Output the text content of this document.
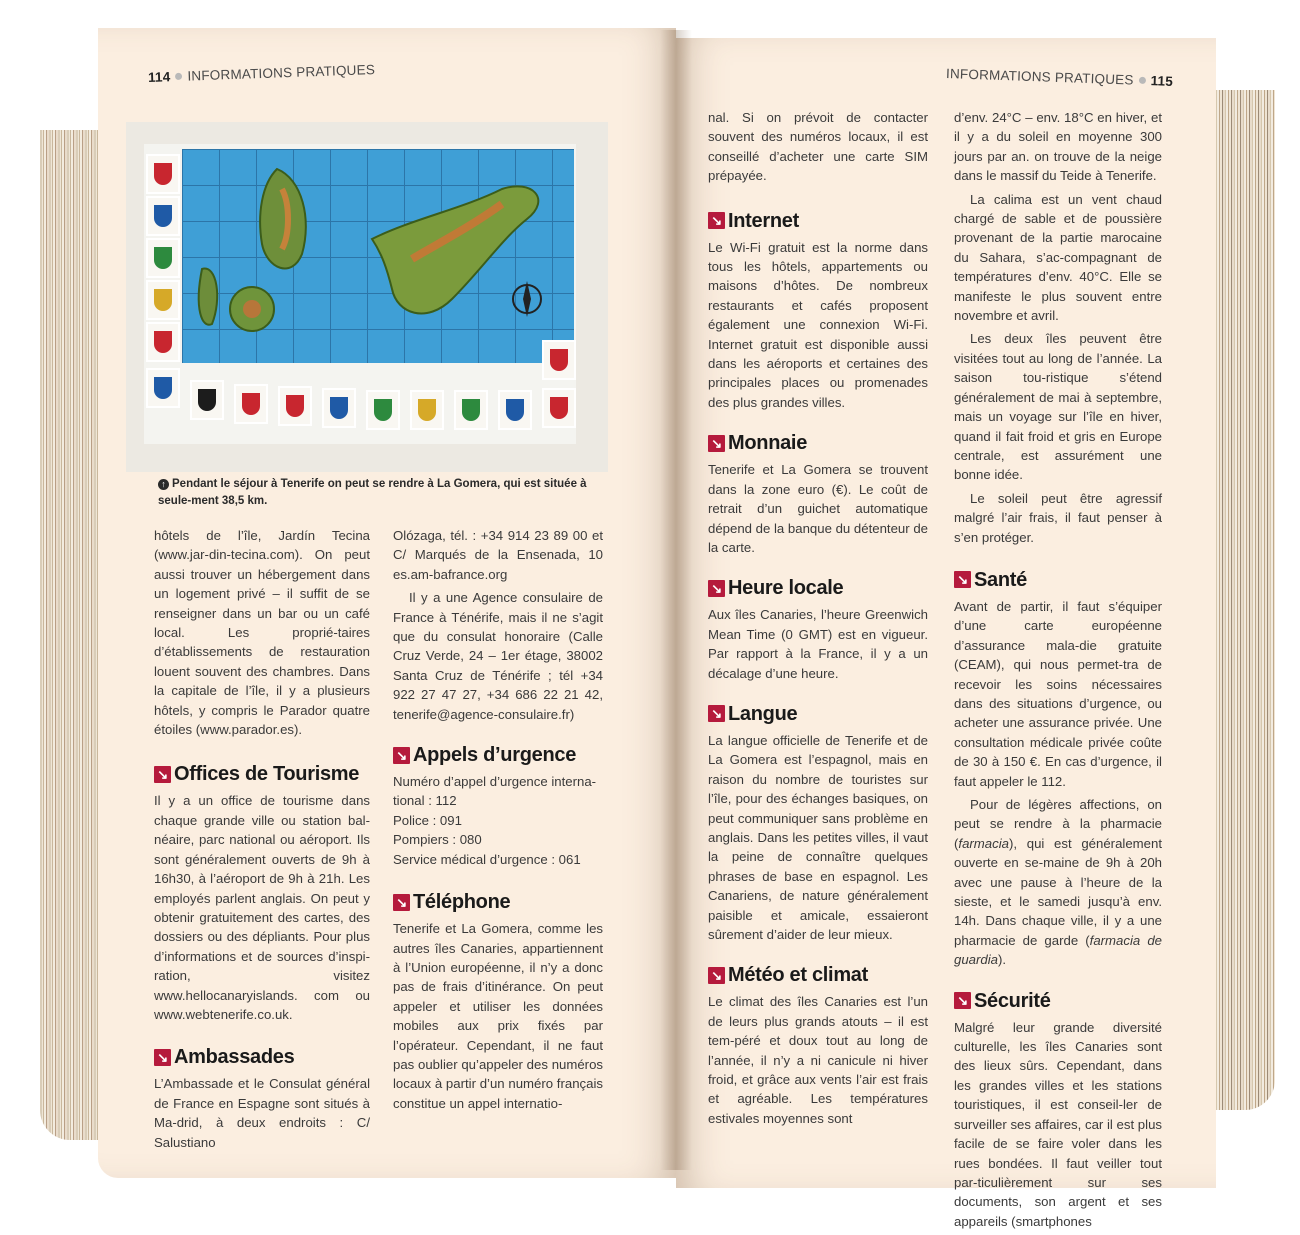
114 INFORMATIONS PRATIQUES
↑ Pendant le séjour à Tenerife on peut se rendre à La Gomera, qui est située à seule-ment 38,5 km.

hôtels de l’île, Jardín Tecina (www.jar-din-tecina.com). On peut aussi trouver un hébergement dans un logement privé – il suffit de se renseigner dans un bar ou un café local. Les proprié-taires d’établissements de restauration louent souvent des chambres. Dans la capitale de l’île, il y a plusieurs hôtels, y compris le Parador quatre étoiles (www.parador.es).

↘ Offices de Tourisme

Il y a un office de tourisme dans chaque grande ville ou station bal-néaire, parc national ou aéroport. Ils sont généralement ouverts de 9h à 16h30, à l’aéroport de 9h à 21h. Les employés parlent anglais. On peut y obtenir gratuitement des cartes, des dossiers ou des dépliants. Pour plus d’informations et de sources d’inspi-ration, visitez www.hellocanaryislands. com ou www.webtenerife.co.uk.

↘ Ambassades

L’Ambassade et le Consulat général de France en Espagne sont situés à Ma-drid, à deux endroits : C/ Salustiano

Olózaga, tél. : +34 914 23 89 00 et C/ Marqués de la Ensenada, 10 es.am-bafrance.org

Il y a une Agence consulaire de France à Ténérife, mais il ne s’agit que du consulat honoraire (Calle Cruz Verde, 24 – 1er étage, 38002 Santa Cruz de Ténérife ; tél +34 922 27 47 27, +34 686 22 21 42, tenerife@agence-consulaire.fr)

↘ Appels d’urgence
Numéro d’appel d’urgence interna-
tional : 112
Police : 091
Pompiers : 080
Service médical d’urgence : 061
↘ Téléphone

Tenerife et La Gomera, comme les autres îles Canaries, appartiennent à l’Union européenne, il n’y a donc pas de frais d’itinérance. On peut appeler et utiliser les données mobiles aux prix fixés par l’opérateur. Cependant, il ne faut pas oublier qu’appeler des numéros locaux à partir d’un numéro français constitue un appel internatio-

INFORMATIONS PRATIQUES 115

nal. Si on prévoit de contacter souvent des numéros locaux, il est conseillé d’acheter une carte SIM prépayée.

↘ Internet

Le Wi-Fi gratuit est la norme dans tous les hôtels, appartements ou maisons d’hôtes. De nombreux restaurants et cafés proposent également une connexion Wi-Fi. Internet gratuit est disponible aussi dans les aéroports et certaines des principales places ou promenades des plus grandes villes.

↘ Monnaie

Tenerife et La Gomera se trouvent dans la zone euro (€). Le coût de retrait d’un guichet automatique dépend de la banque du détenteur de la carte.

↘ Heure locale

Aux îles Canaries, l’heure Greenwich Mean Time (0 GMT) est en vigueur. Par rapport à la France, il y a un décalage d’une heure.

↘ Langue

La langue officielle de Tenerife et de La Gomera est l’espagnol, mais en raison du nombre de touristes sur l’île, pour des échanges basiques, on peut communiquer sans problème en anglais. Dans les petites villes, il vaut la peine de connaître quelques phrases de base en espagnol. Les Canariens, de nature généralement paisible et amicale, essaieront sûrement d’aider de leur mieux.

↘ Météo et climat

Le climat des îles Canaries est l’un de leurs plus grands atouts – il est tem-péré et doux tout au long de l’année, il n’y a ni canicule ni hiver froid, et grâce aux vents l’air est frais et agréable. Les températures estivales moyennes sont

d’env. 24°C – env. 18°C en hiver, et il y a du soleil en moyenne 300 jours par an. on trouve de la neige dans le massif du Teide à Tenerife.

La calima est un vent chaud chargé de sable et de poussière provenant de la partie marocaine du Sahara, s’ac-compagnant de températures d’env. 40°C. Elle se manifeste le plus souvent entre novembre et avril.

Les deux îles peuvent être visitées tout au long de l’année. La saison tou-ristique s’étend généralement de mai à septembre, mais un voyage sur l’île en hiver, quand il fait froid et gris en Europe centrale, est assurément une bonne idée.

Le soleil peut être agressif malgré l’air frais, il faut penser à s’en protéger.

↘ Santé

Avant de partir, il faut s’équiper d’une carte européenne d’assurance mala-die gratuite (CEAM), qui nous permet-tra de recevoir les soins nécessaires dans des situations d’urgence, ou acheter une assurance privée. Une consultation médicale privée coûte de 30 à 150 €. En cas d’urgence, il faut appeler le 112.

Pour de légères affections, on peut se rendre à la pharmacie (farmacia), qui est généralement ouverte en se-maine de 9h à 20h avec une pause à l’heure de la sieste, et le samedi jusqu’à env. 14h. Dans chaque ville, il y a une pharmacie de garde (farmacia de guardia).

↘ Sécurité

Malgré leur grande diversité culturelle, les îles Canaries sont des lieux sûrs. Cependant, dans les grandes villes et les stations touristiques, il est conseil-ler de surveiller ses affaires, car il est plus facile de se faire voler dans les rues bondées. Il faut veiller tout par-ticulièrement sur ses documents, son argent et ses appareils (smartphones
